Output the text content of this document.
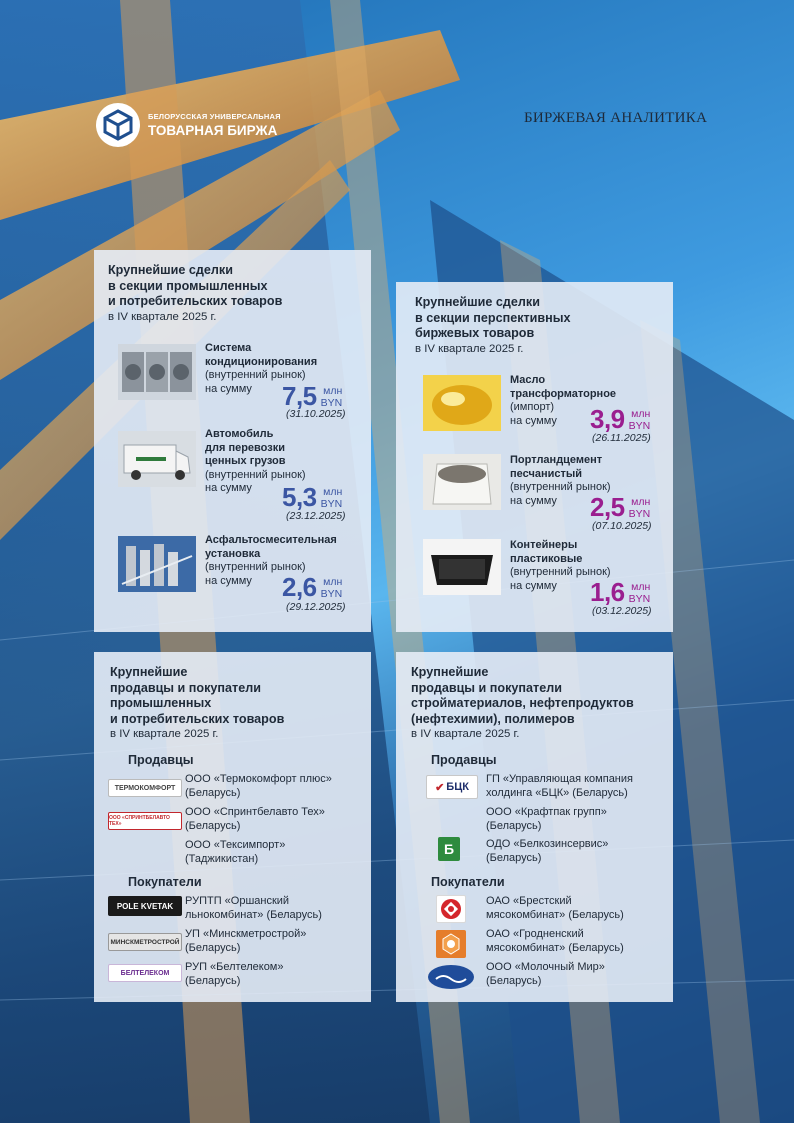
БЕЛОРУССКАЯ УНИВЕРСАЛЬНАЯ
ТОВАРНАЯ БИРЖА
БИРЖЕВАЯ АНАЛИТИКА

Крупнейшие сделки

в секции промышленных

и потребительских товаров

в IV квартале 2025 г.

Система
кондиционирования
(внутренний рынок)
на сумму	7,5 млн
BYN
(31.10.2025)
Автомобиль
для перевозки
ценных грузов
(внутренний рынок)
на сумму	5,3 млн
BYN
(23.12.2025)
Асфальтосмесительная
установка
(внутренний рынок)
на сумму	2,6 млн
BYN
(29.12.2025)

Крупнейшие сделки

в секции перспективных

биржевых товаров

в IV квартале 2025 г.

Масло
трансформаторное
(импорт)
на сумму	3,9 млн
BYN
(26.11.2025)
Портландцемент
песчанистый
(внутренний рынок)
на сумму	2,5 млн
BYN
(07.10.2025)
Контейнеры
пластиковые
(внутренний рынок)
на сумму	1,6 млн
BYN
(03.12.2025)

Крупнейшие

продавцы и покупатели

промышленных

и потребительских товаров

в IV квартале 2025 г.

Продавцы
ТЕРМОКОМФОРТ
ООО «Термокомфорт плюс»
(Беларусь)
ООО «СПРИНТБЕЛАВТО ТЕХ»
ООО «Спринтбелавто Тех»
(Беларусь)
ООО «Тексимпорт»
(Таджикистан)
Покупатели
POLE KVETAK РУПТП «Оршанский
льнокомбинат» (Беларусь)
МИНСКМЕТРОСТРОЙ
УП «Минскметрострой»
(Беларусь)
БЕЛТЕЛЕКОМ РУП «Белтелеком»
(Беларусь)

Крупнейшие

продавцы и покупатели

стройматериалов, нефтепродуктов

(нефтехимии), полимеров

в IV квартале 2025 г.

Продавцы
✔ БЦК
ГП «Управляющая компания
холдинга «БЦК» (Беларусь)
ООО «Крафтпак групп»
(Беларусь)
Б	ОДО «Белкозинсервис»
(Беларусь)
Покупатели
ОАО «Брестский
мясокомбинат» (Беларусь)
ОАО «Гродненский
мясокомбинат» (Беларусь)
ООО «Молочный Мир»
(Беларусь)
